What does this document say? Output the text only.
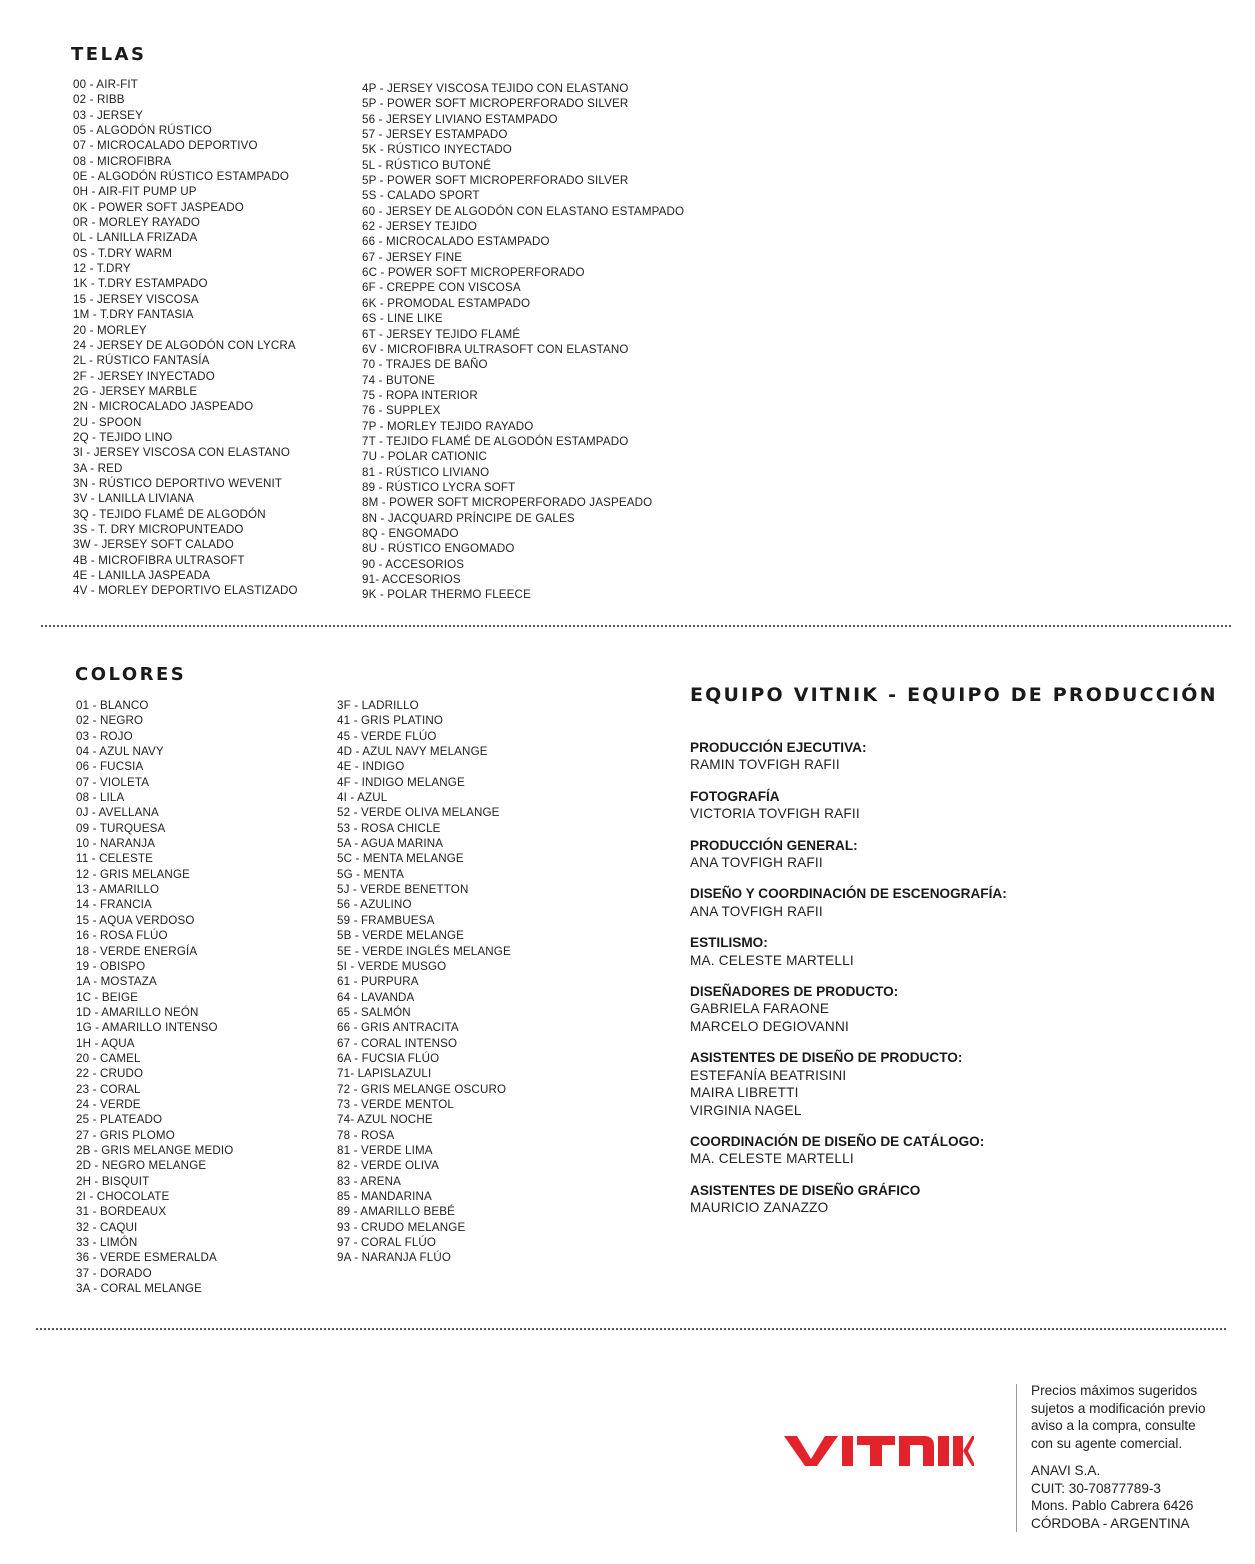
TELAS
00 - AIR-FIT
02 - RIBB
03 - JERSEY
05 - ALGODÓN RÚSTICO
07 - MICROCALADO DEPORTIVO
08 - MICROFIBRA
0E - ALGODÓN RÚSTICO ESTAMPADO
0H - AIR-FIT PUMP UP
0K - POWER SOFT JASPEADO
0R - MORLEY RAYADO
0L - LANILLA FRIZADA
0S - T.DRY WARM
12 - T.DRY
1K - T.DRY ESTAMPADO
15 - JERSEY VISCOSA
1M - T.DRY FANTASIA
20 - MORLEY
24 - JERSEY DE ALGODÓN CON LYCRA
2L - RÚSTICO FANTASÍA
2F - JERSEY INYECTADO
2G - JERSEY MARBLE
2N - MICROCALADO JASPEADO
2U - SPOON
2Q - TEJIDO LINO
3I - JERSEY VISCOSA CON ELASTANO
3A - RED
3N - RÚSTICO DEPORTIVO WEVENIT
3V - LANILLA LIVIANA
3Q - TEJIDO FLAMÉ DE ALGODÓN
3S - T. DRY MICROPUNTEADO
3W - JERSEY SOFT CALADO
4B - MICROFIBRA ULTRASOFT
4E - LANILLA JASPEADA
4V - MORLEY DEPORTIVO ELASTIZADO
4P - JERSEY VISCOSA TEJIDO CON ELASTANO
5P - POWER SOFT MICROPERFORADO SILVER
56 - JERSEY LIVIANO ESTAMPADO
57 - JERSEY ESTAMPADO
5K - RÚSTICO INYECTADO
5L - RÚSTICO BUTONÉ
5P - POWER SOFT MICROPERFORADO SILVER
5S - CALADO SPORT
60 - JERSEY DE ALGODÓN CON ELASTANO ESTAMPADO
62 - JERSEY TEJIDO
66 - MICROCALADO ESTAMPADO
67 - JERSEY FINE
6C - POWER SOFT MICROPERFORADO
6F - CREPPE CON VISCOSA
6K - PROMODAL ESTAMPADO
6S - LINE LIKE
6T - JERSEY TEJIDO FLAMÉ
6V - MICROFIBRA ULTRASOFT CON ELASTANO
70 - TRAJES DE BAÑO
74 - BUTONE
75 - ROPA INTERIOR
76 - SUPPLEX
7P - MORLEY TEJIDO RAYADO
7T - TEJIDO FLAMÉ DE ALGODÓN ESTAMPADO
7U - POLAR CATIONIC
81 - RÚSTICO LIVIANO
89 - RÚSTICO LYCRA SOFT
8M - POWER SOFT MICROPERFORADO JASPEADO
8N - JACQUARD PRÍNCIPE DE GALES
8Q - ENGOMADO
8U - RÚSTICO ENGOMADO
90 - ACCESORIOS
91- ACCESORIOS
9K - POLAR THERMO FLEECE
COLORES
01 - BLANCO
02 - NEGRO
03 - ROJO
04 - AZUL NAVY
06 - FUCSIA
07 - VIOLETA
08 - LILA
0J - AVELLANA
09 - TURQUESA
10 - NARANJA
11 - CELESTE
12 - GRIS MELANGE
13 - AMARILLO
14 - FRANCIA
15 - AQUA VERDOSO
16 - ROSA FLÚO
18 - VERDE ENERGÍA
19 - OBISPO
1A - MOSTAZA
1C - BEIGE
1D - AMARILLO NEÓN
1G - AMARILLO INTENSO
1H - AQUA
20 - CAMEL
22 - CRUDO
23 - CORAL
24 - VERDE
25 - PLATEADO
27 - GRIS PLOMO
2B - GRIS MELANGE MEDIO
2D - NEGRO MELANGE
2H - BISQUIT
2I - CHOCOLATE
31 - BORDEAUX
32 - CAQUI
33 - LIMÓN
36 - VERDE ESMERALDA
37 - DORADO
3A - CORAL MELANGE
3F - LADRILLO
41 - GRIS PLATINO
45 - VERDE FLÚO
4D - AZUL NAVY MELANGE
4E - INDIGO
4F - INDIGO MELANGE
4I - AZUL
52 - VERDE OLIVA MELANGE
53 - ROSA CHICLE
5A - AGUA MARINA
5C - MENTA MELANGE
5G - MENTA
5J - VERDE BENETTON
56 - AZULINO
59 - FRAMBUESA
5B - VERDE MELANGE
5E - VERDE INGLÉS MELANGE
5I - VERDE MUSGO
61 - PURPURA
64 - LAVANDA
65 - SALMÓN
66 - GRIS ANTRACITA
67 - CORAL INTENSO
6A - FUCSIA FLÚO
71- LAPISLAZULI
72 - GRIS MELANGE OSCURO
73 - VERDE MENTOL
74- AZUL NOCHE
78 - ROSA
81 - VERDE LIMA
82 - VERDE OLIVA
83 - ARENA
85 - MANDARINA
89 - AMARILLO BEBÉ
93 - CRUDO MELANGE
97 - CORAL FLÚO
9A - NARANJA FLÚO
EQUIPO VITNIK - EQUIPO DE PRODUCCIÓN
PRODUCCIÓN EJECUTIVA:
RAMIN TOVFIGH RAFII
FOTOGRAFÍA
VICTORIA TOVFIGH RAFII
PRODUCCIÓN GENERAL:
ANA TOVFIGH RAFII
DISEÑO Y COORDINACIÓN DE ESCENOGRAFÍA:
ANA TOVFIGH RAFII
ESTILISMO:
MA. CELESTE MARTELLI
DISEÑADORES DE PRODUCTO:
GABRIELA FARAONE
MARCELO DEGIOVANNI
ASISTENTES DE DISEÑO DE PRODUCTO:
ESTEFANÍA BEATRISINI
MAIRA LIBRETTI
VIRGINIA NAGEL
COORDINACIÓN DE DISEÑO DE CATÁLOGO:
MA. CELESTE MARTELLI
ASISTENTES DE DISEÑO GRÁFICO
MAURICIO ZANAZZO
Precios máximos sugeridos
sujetos a modificación previo
aviso a la compra, consulte
con su agente comercial.
ANAVI S.A.
CUIT: 30-70877789-3
Mons. Pablo Cabrera 6426
CÓRDOBA - ARGENTINA
